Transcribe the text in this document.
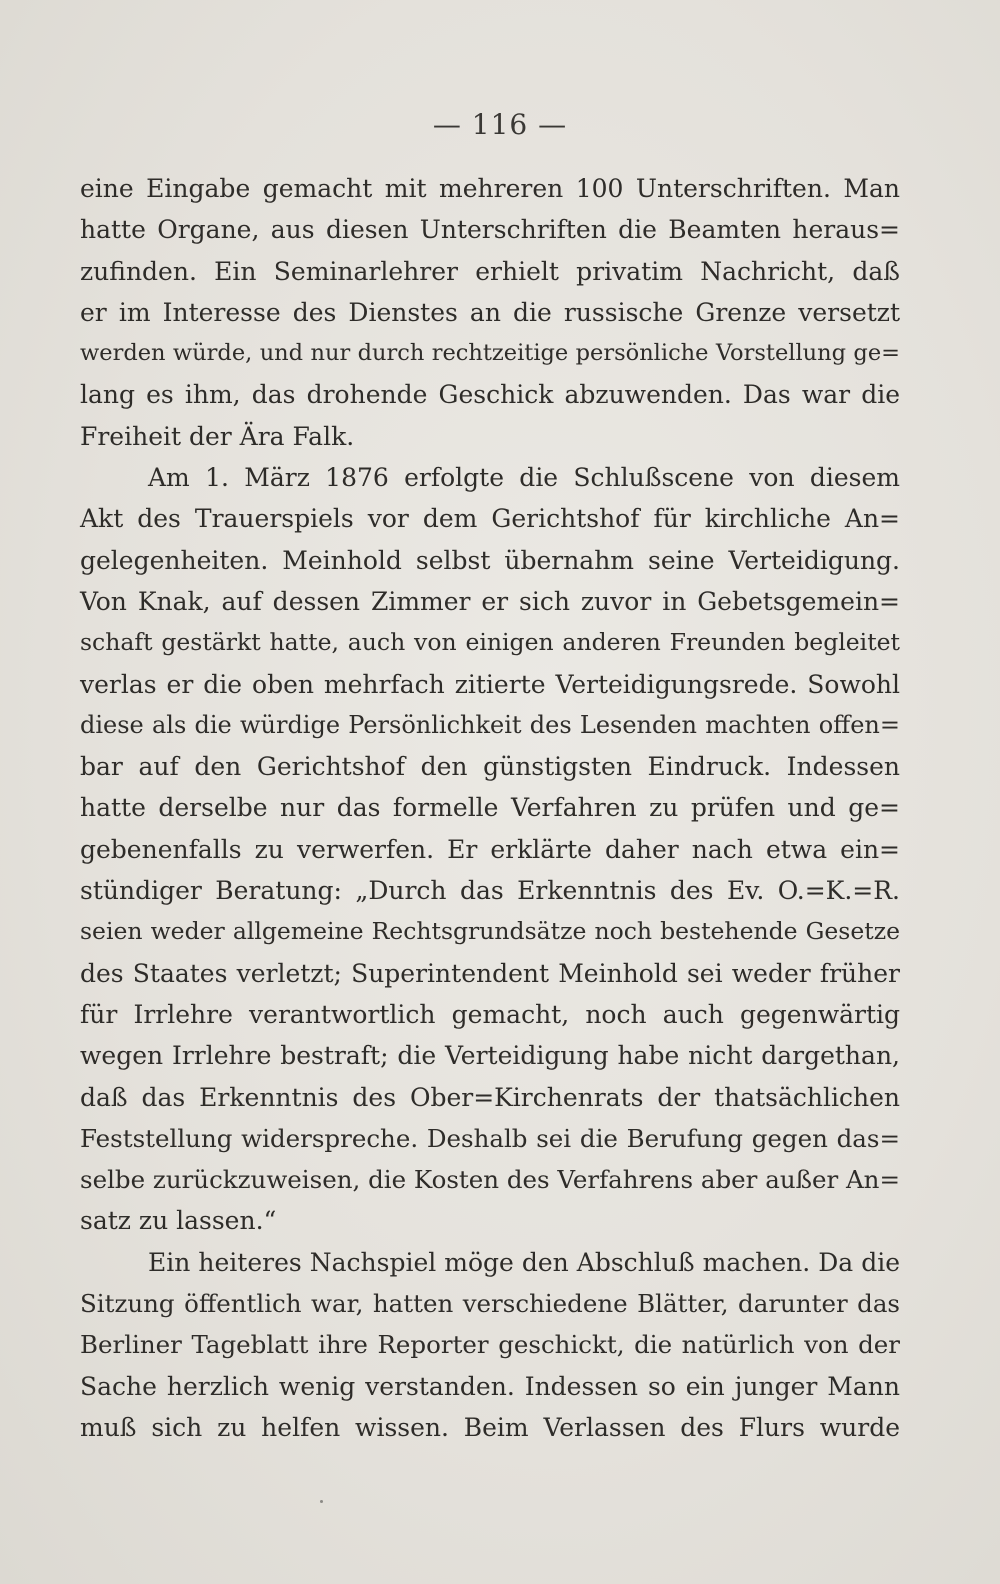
— 116 —
eine Eingabe gemacht mit mehreren 100 Unterschriften. Man
hatte Organe, aus diesen Unterschriften die Beamten heraus=
zufinden. Ein Seminarlehrer erhielt privatim Nachricht, daß
er im Interesse des Dienstes an die russische Grenze versetzt
werden würde, und nur durch rechtzeitige persönliche Vorstellung ge=
lang es ihm, das drohende Geschick abzuwenden. Das war die
Freiheit der Ära Falk.
Am 1. März 1876 erfolgte die Schlußscene von diesem
Akt des Trauerspiels vor dem Gerichtshof für kirchliche An=
gelegenheiten. Meinhold selbst übernahm seine Verteidigung.
Von Knak, auf dessen Zimmer er sich zuvor in Gebetsgemein=
schaft gestärkt hatte, auch von einigen anderen Freunden begleitet
verlas er die oben mehrfach zitierte Verteidigungsrede. Sowohl
diese als die würdige Persönlichkeit des Lesenden machten offen=
bar auf den Gerichtshof den günstigsten Eindruck. Indessen
hatte derselbe nur das formelle Verfahren zu prüfen und ge=
gebenenfalls zu verwerfen. Er erklärte daher nach etwa ein=
stündiger Beratung: „Durch das Erkenntnis des Ev. O.=K.=R.
seien weder allgemeine Rechtsgrundsätze noch bestehende Gesetze
des Staates verletzt; Superintendent Meinhold sei weder früher
für Irrlehre verantwortlich gemacht, noch auch gegenwärtig
wegen Irrlehre bestraft; die Verteidigung habe nicht dargethan,
daß das Erkenntnis des Ober=Kirchenrats der thatsächlichen
Feststellung widerspreche. Deshalb sei die Berufung gegen das=
selbe zurückzuweisen, die Kosten des Verfahrens aber außer An=
satz zu lassen.“
Ein heiteres Nachspiel möge den Abschluß machen. Da die
Sitzung öffentlich war, hatten verschiedene Blätter, darunter das
Berliner Tageblatt ihre Reporter geschickt, die natürlich von der
Sache herzlich wenig verstanden. Indessen so ein junger Mann
muß sich zu helfen wissen. Beim Verlassen des Flurs wurde
